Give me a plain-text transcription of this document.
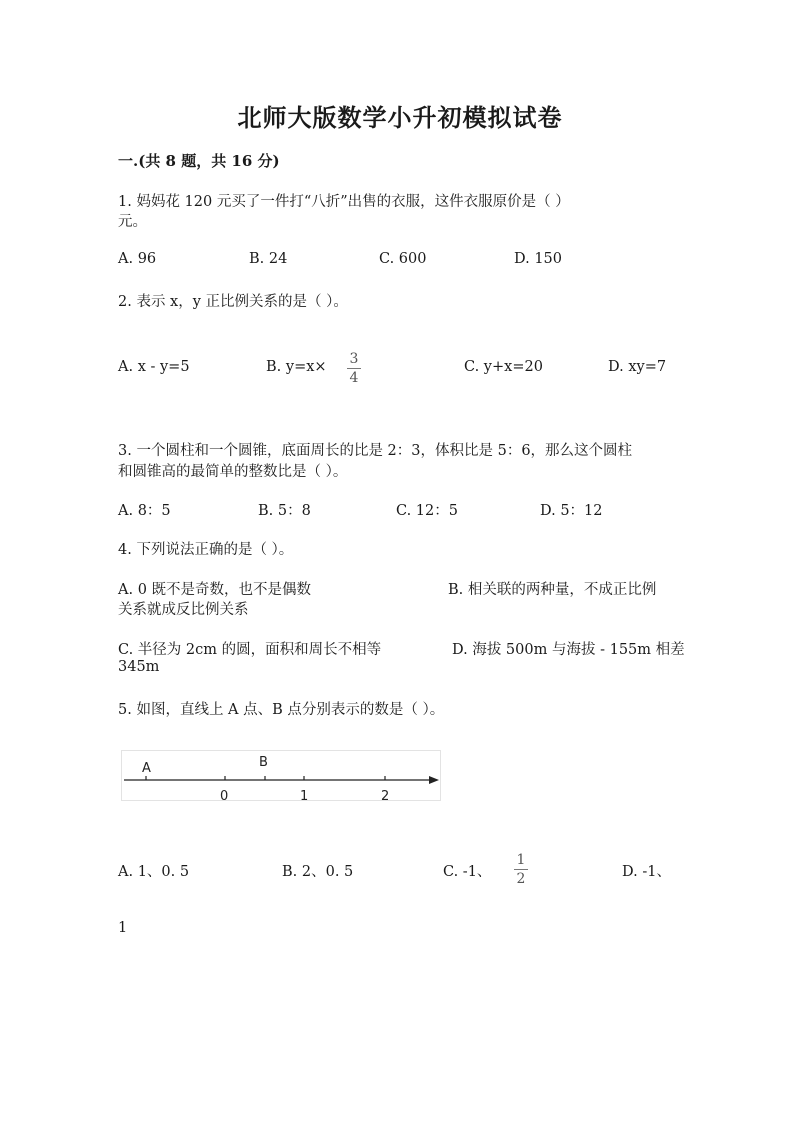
北师大版数学小升初模拟试卷
一.(共 8 题，共 16 分)
1. 妈妈花 120 元买了一件打“八折”出售的衣服，这件衣服原价是（ ）
元。
A. 96	B. 24	C. 600	D. 150
2. 表示 x，y 正比例关系的是（ ）。
A. x - y=5	B. y=x×	3
4
C. y+x=20	D. xy=7
3. 一个圆柱和一个圆锥，底面周长的比是 2：3，体积比是 5：6，那么这个圆柱
和圆锥高的最简单的整数比是（ ）。
A. 8：5	B. 5：8	C. 12：5	D. 5：12
4. 下列说法正确的是（ ）。
A. 0 既不是奇数，也不是偶数	B. 相关联的两种量，不成正比例
关系就成反比例关系
C. 半径为 2cm 的圆，面积和周长不相等	D. 海拔 500m 与海拔 - 155m 相差
345m
5. 如图，直线上 A 点、B 点分别表示的数是（ ）。
A	B
0	1	2
A. 1、0. 5	B. 2、0. 5	C. -1、
1
2	D. -1、
1
